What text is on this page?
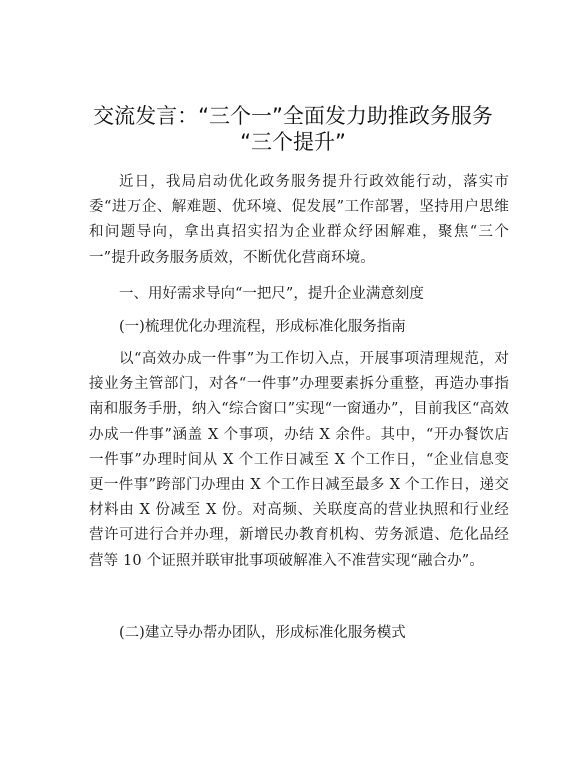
交流发言：“三个一”全面发力助推政务服务
“三个提升”
近日，我局启动优化政务服务提升行政效能行动，落实市委“进万企、解难题、优环境、促发展”工作部署，坚持用户思维和问题导向，拿出真招实招为企业群众纾困解难，聚焦“三个一”提升政务服务质效，不断优化营商环境。
一、用好需求导向“一把尺”，提升企业满意刻度
(一)梳理优化办理流程，形成标准化服务指南
以“高效办成一件事”为工作切入点，开展事项清理规范，对接业务主管部门，对各“一件事”办理要素拆分重整，再造办事指南和服务手册，纳入“综合窗口”实现“一窗通办”，目前我区“高效办成一件事”涵盖 X 个事项，办结 X 余件。其中，“开办餐饮店一件事”办理时间从 X 个工作日减至 X 个工作日，“企业信息变更一件事”跨部门办理由 X 个工作日减至最多 X 个工作日，递交材料由 X 份减至 X 份。对高频、关联度高的营业执照和行业经营许可进行合并办理，新增民办教育机构、劳务派遣、危化品经营等 10 个证照并联审批事项破解准入不准营实现“融合办”。
(二)建立导办帮办团队，形成标准化服务模式
